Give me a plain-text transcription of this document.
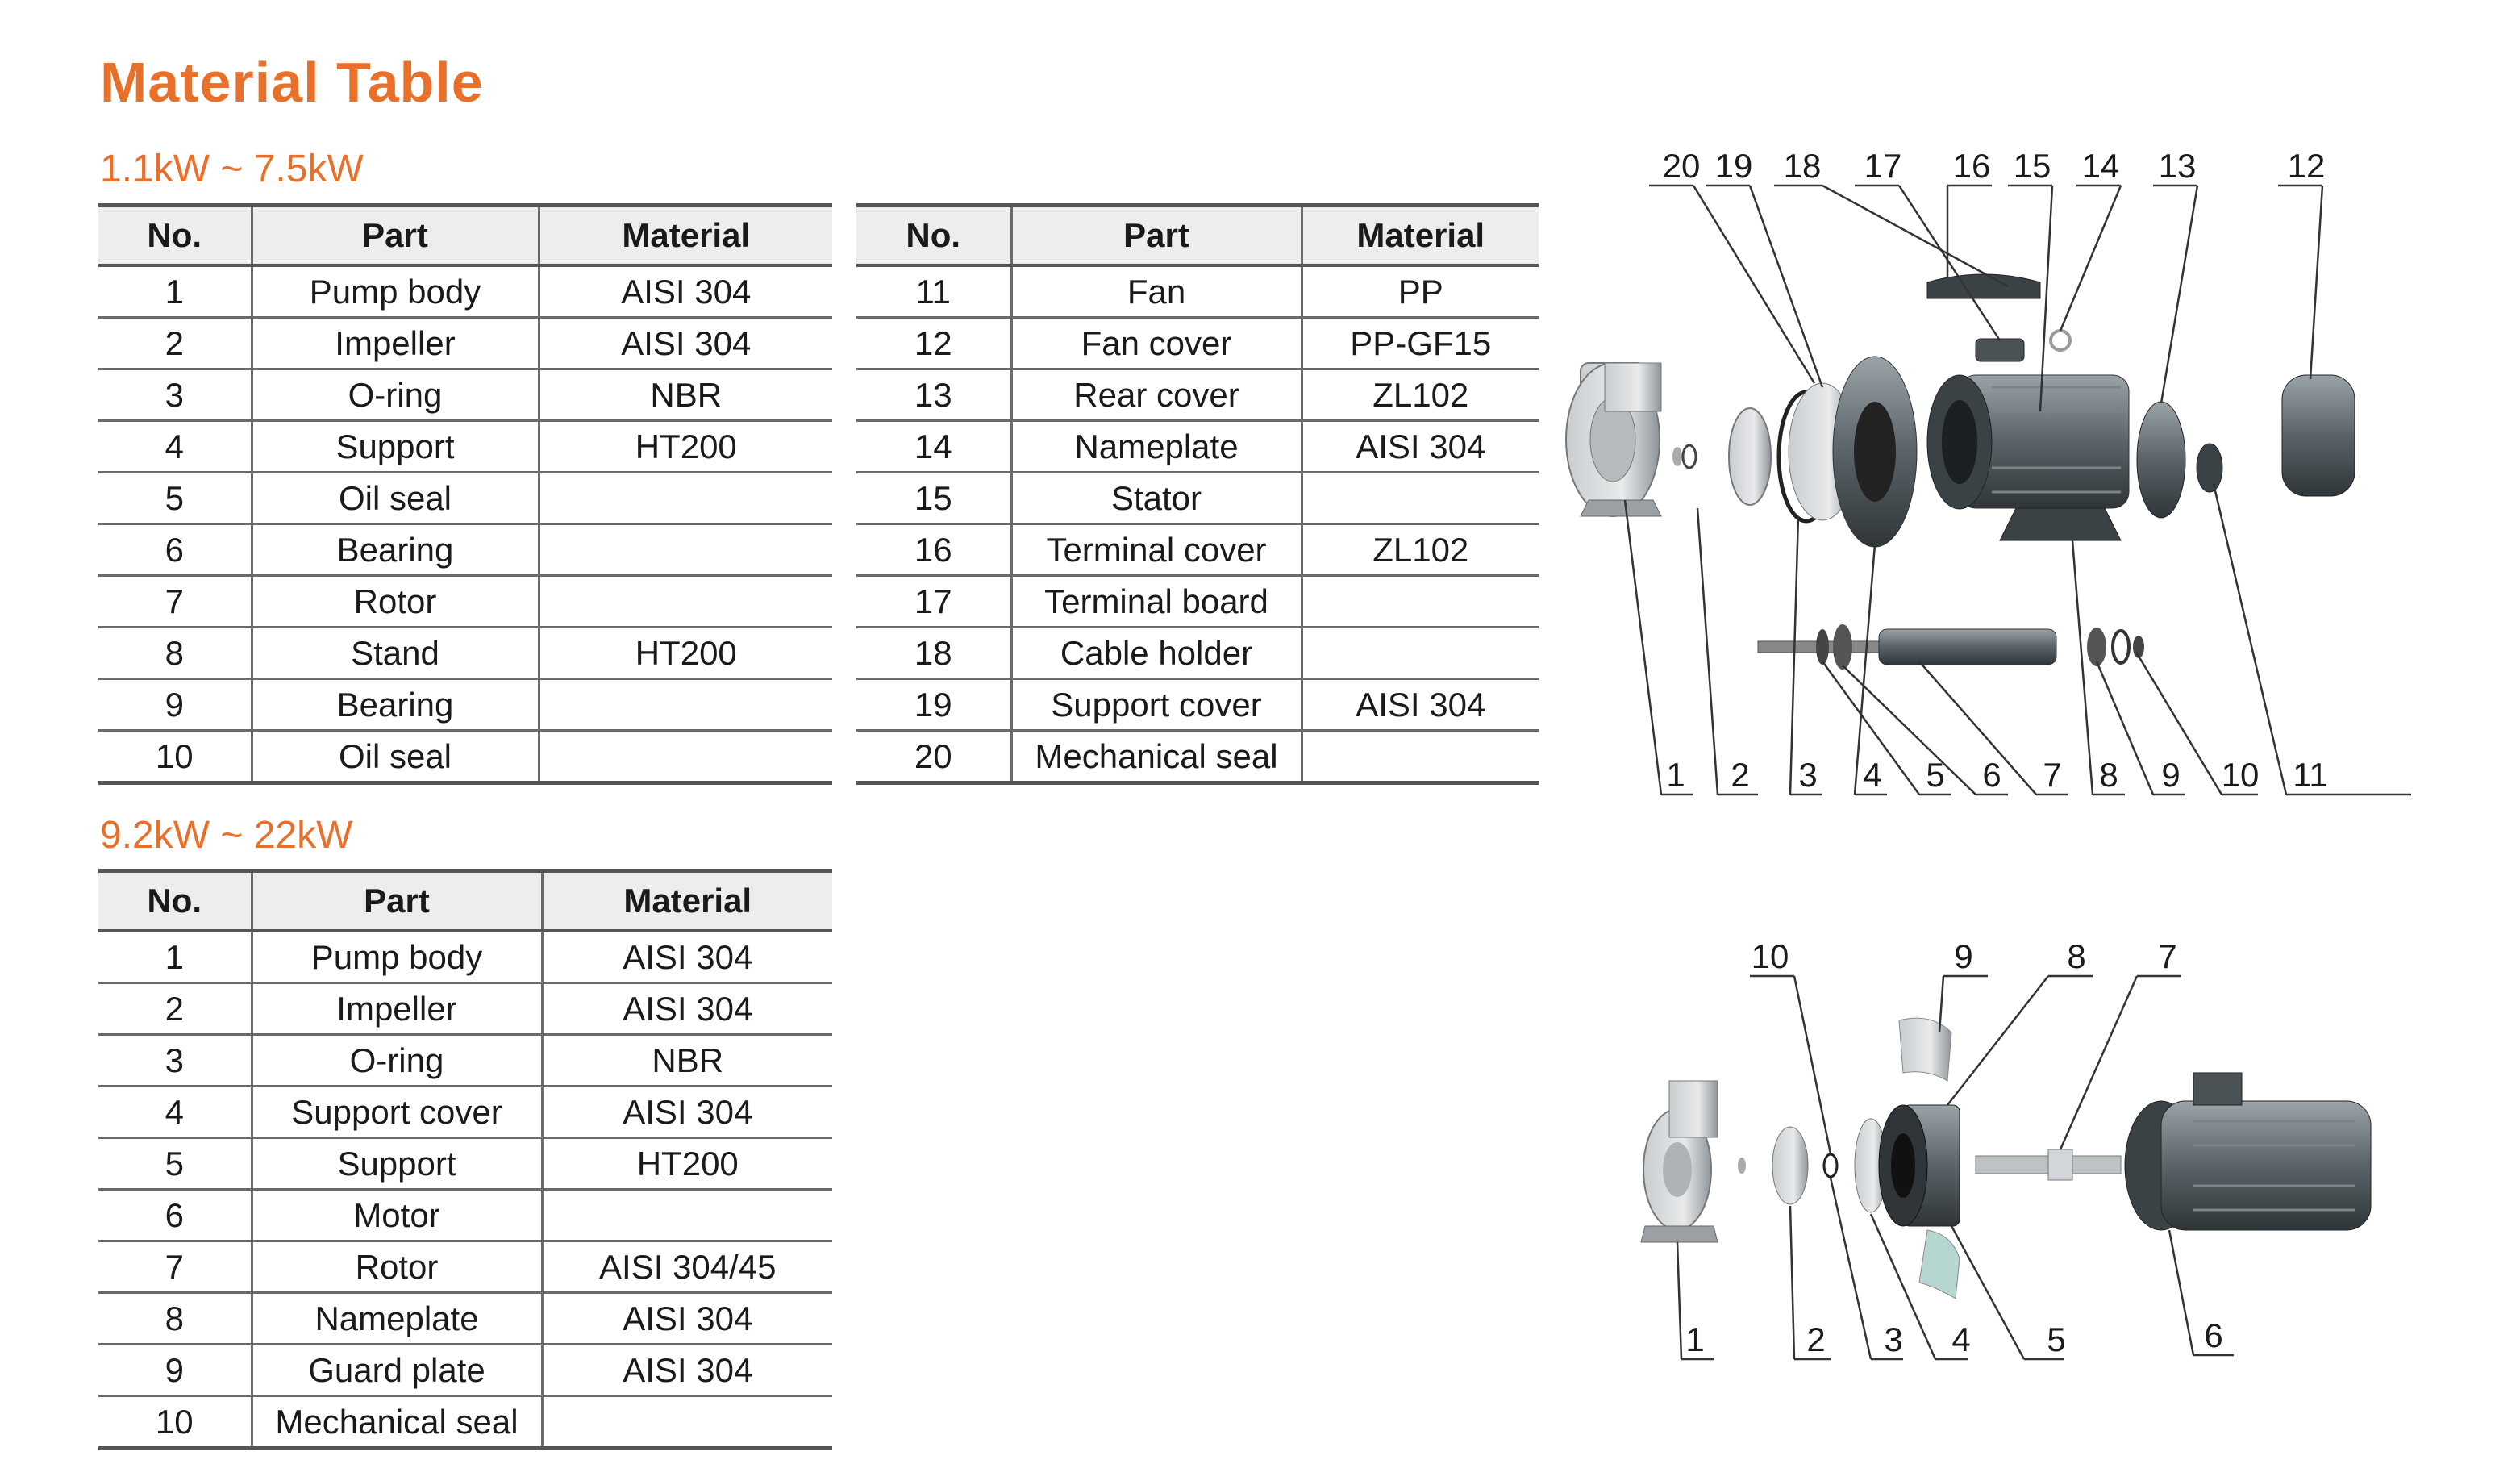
Material Table
1.1kW ~ 7.5kW
No.	Part	Material
1	Pump body	AISI 304
2	Impeller	AISI 304
3	O-ring	NBR
4	Support	HT200
5	Oil seal	
6	Bearing	
7	Rotor	
8	Stand	HT200
9	Bearing	
10	Oil seal	
No.	Part	Material
11	Fan	PP
12	Fan cover	PP-GF15
13	Rear cover	ZL102
14	Nameplate	AISI 304
15	Stator	
16	Terminal cover	ZL102
17	Terminal board	
18	Cable holder	
19	Support cover	AISI 304
20	Mechanical seal	
9.2kW ~ 22kW
No.	Part	Material
1	Pump body	AISI 304
2	Impeller	AISI 304
3	O-ring	NBR
4	Support cover	AISI 304
5	Support	HT200
6	Motor	
7	Rotor	AISI 304/45
8	Nameplate	AISI 304
9	Guard plate	AISI 304
10	Mechanical seal	
20 19 18 17 16 15 14 13	12
1 2 3 4 5 6 7 8 9 10 11
10	9	8 7
1	2 3 4 5	6
